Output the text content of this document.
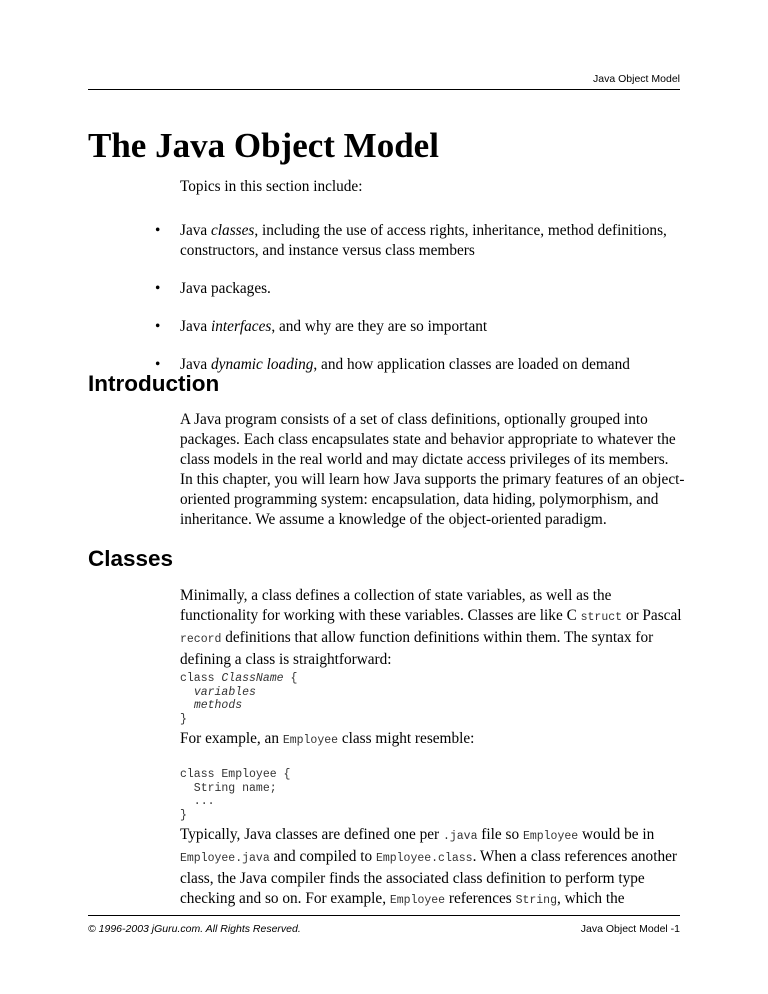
Java Object Model
The Java Object Model
Topics in this section include:
• Java classes, including the use of access rights, inheritance, method definitions, constructors, and instance versus class members
• Java packages.
• Java interfaces, and why are they are so important
• Java dynamic loading, and how application classes are loaded on demand
Introduction
A Java program consists of a set of class definitions, optionally grouped into packages. Each class encapsulates state and behavior appropriate to whatever the class models in the real world and may dictate access privileges of its members. In this chapter, you will learn how Java supports the primary features of an object-oriented programming system: encapsulation, data hiding, polymorphism, and inheritance. We assume a knowledge of the object-oriented paradigm.
Classes
Minimally, a class defines a collection of state variables, as well as the functionality for working with these variables. Classes are like C struct or Pascal record definitions that allow function definitions within them. The syntax for defining a class is straightforward:
class ClassName {
variables
methods
}
For example, an Employee class might resemble:
class Employee {
String name;
...
}
Typically, Java classes are defined one per .java file so Employee would be in Employee.java and compiled to Employee.class. When a class references another class, the Java compiler finds the associated class definition to perform type checking and so on. For example, Employee references String, which the
© 1996-2003 jGuru.com. All Rights Reserved.	Java Object Model -1
